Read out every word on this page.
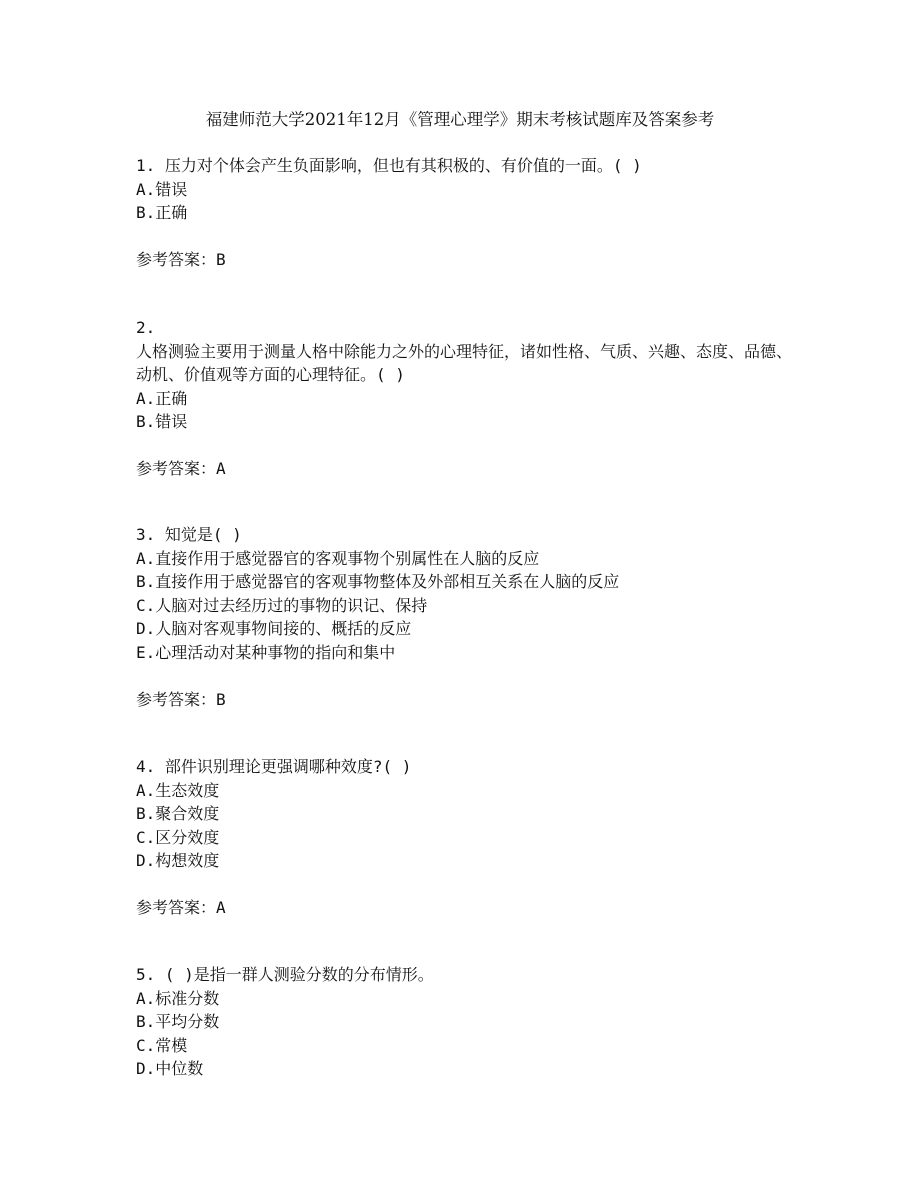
福建师范大学2021年12月《管理心理学》期末考核试题库及答案参考
1. 压力对个体会产生负面影响，但也有其积极的、有价值的一面。( )
A.错误
B.正确
参考答案：B
2.
人格测验主要用于测量人格中除能力之外的心理特征，诸如性格、气质、兴趣、态度、品德、动机、价值观等方面的心理特征。( )
A.正确
B.错误
参考答案：A
3. 知觉是( )
A.直接作用于感觉器官的客观事物个别属性在人脑的反应
B.直接作用于感觉器官的客观事物整体及外部相互关系在人脑的反应
C.人脑对过去经历过的事物的识记、保持
D.人脑对客观事物间接的、概括的反应
E.心理活动对某种事物的指向和集中
参考答案：B
4. 部件识别理论更强调哪种效度?( )
A.生态效度
B.聚合效度
C.区分效度
D.构想效度
参考答案：A
5. ( )是指一群人测验分数的分布情形。
A.标准分数
B.平均分数
C.常模
D.中位数
